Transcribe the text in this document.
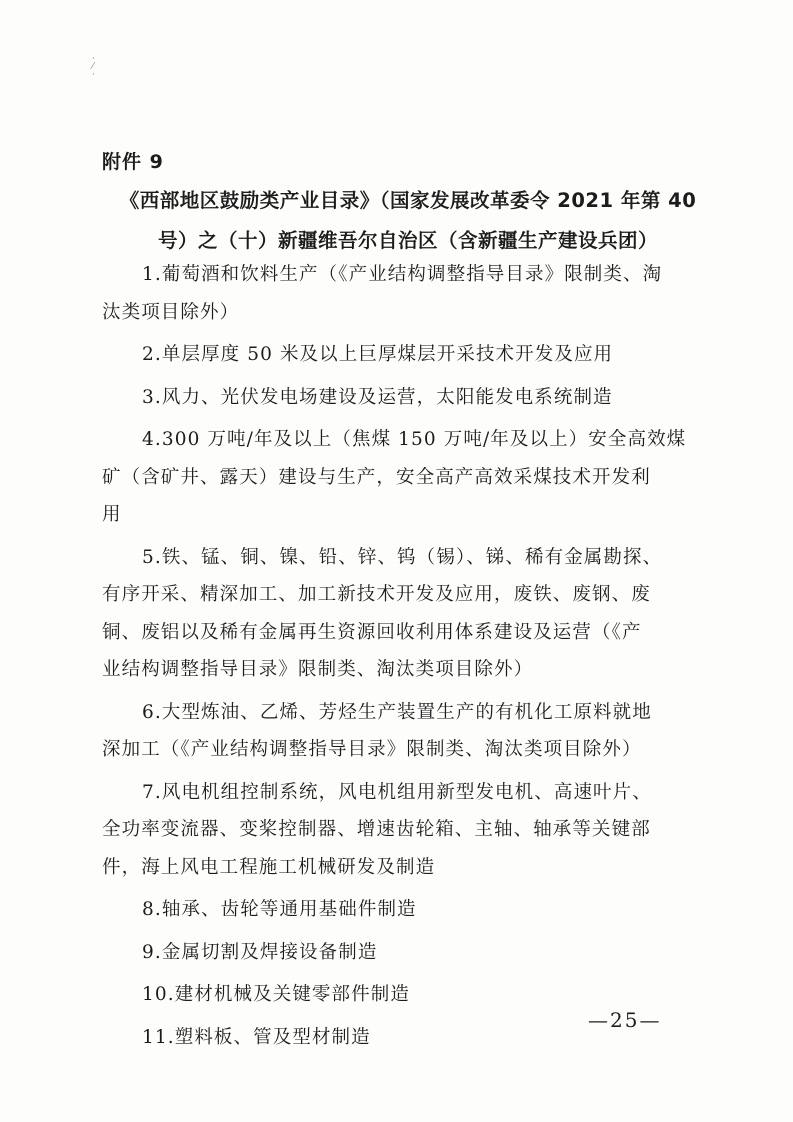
·
⁄
·
附件 9
《西部地区鼓励类产业目录》（国家发展改革委令 2021 年第 40
号）之（十）新疆维吾尔自治区（含新疆生产建设兵团）
1.葡萄酒和饮料生产（《产业结构调整指导目录》限制类、淘
汰类项目除外）
2.单层厚度 50 米及以上巨厚煤层开采技术开发及应用
3.风力、光伏发电场建设及运营，太阳能发电系统制造
4.300 万吨/年及以上（焦煤 150 万吨/年及以上）安全高效煤
矿（含矿井、露天）建设与生产，安全高产高效采煤技术开发利
用
5.铁、锰、铜、镍、铅、锌、钨（锡）、锑、稀有金属勘探、
有序开采、精深加工、加工新技术开发及应用，废铁、废钢、废
铜、废铝以及稀有金属再生资源回收利用体系建设及运营（《产
业结构调整指导目录》限制类、淘汰类项目除外）
6.大型炼油、乙烯、芳烃生产装置生产的有机化工原料就地
深加工（《产业结构调整指导目录》限制类、淘汰类项目除外）
7.风电机组控制系统，风电机组用新型发电机、高速叶片、
全功率变流器、变桨控制器、增速齿轮箱、主轴、轴承等关键部
件，海上风电工程施工机械研发及制造
8.轴承、齿轮等通用基础件制造
9.金属切割及焊接设备制造
10.建材机械及关键零部件制造
11.塑料板、管及型材制造
—25—
